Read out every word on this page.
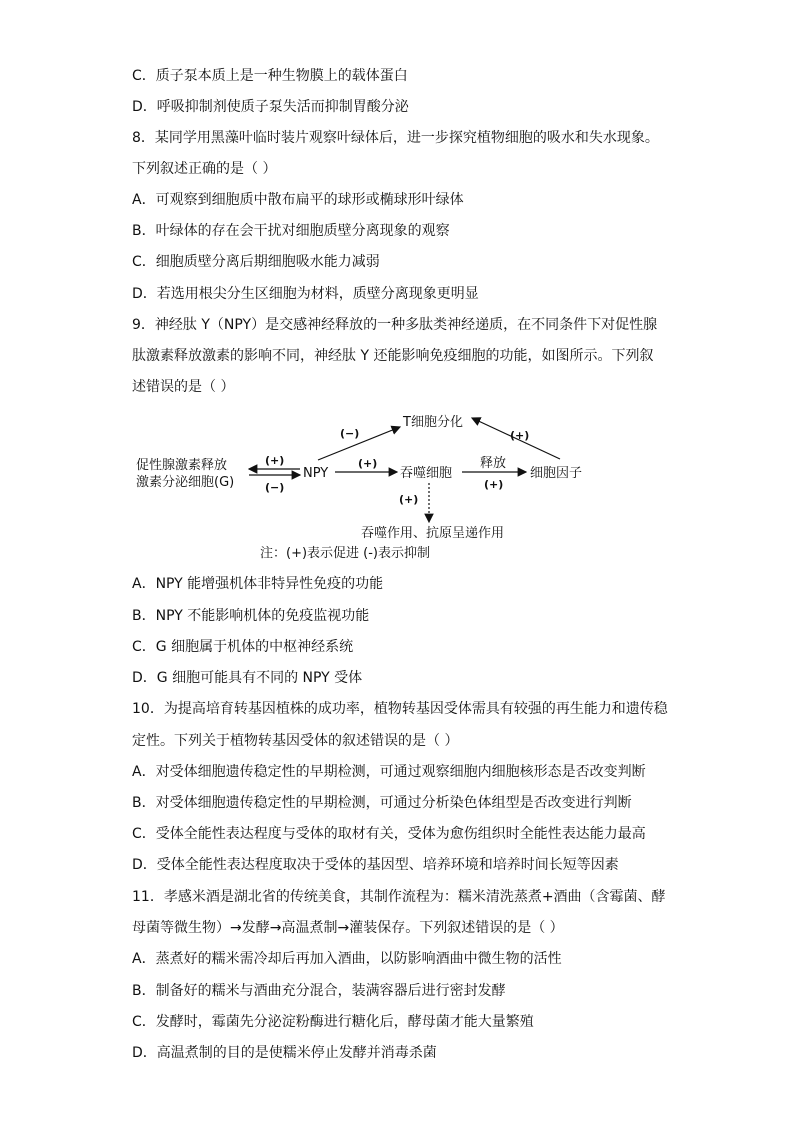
C．质子泵本质上是一种生物膜上的载体蛋白
D．呼吸抑制剂使质子泵失活而抑制胃酸分泌
8．某同学用黑藻叶临时装片观察叶绿体后，进一步探究植物细胞的吸水和失水现象。
下列叙述正确的是（ ）
A．可观察到细胞质中散布扁平的球形或椭球形叶绿体
B．叶绿体的存在会干扰对细胞质壁分离现象的观察
C．细胞质壁分离后期细胞吸水能力减弱
D．若选用根尖分生区细胞为材料，质壁分离现象更明显
9．神经肽 Y（NPY）是交感神经释放的一种多肽类神经递质，在不同条件下对促性腺
肽激素释放激素的影响不同，神经肽 Y 还能影响免疫细胞的功能，如图所示。下列叙
述错误的是（ ）
促性腺激素释放
激素分泌细胞(G)
(+)
(−)
NPY
(−)
T细胞分化
(+)
吞噬细胞
释放
(+)
细胞因子
(+)
(+)
吞噬作用、抗原呈递作用
注：(+)表示促进 (-)表示抑制
A．NPY 能增强机体非特异性免疫的功能
B．NPY 不能影响机体的免疫监视功能
C．G 细胞属于机体的中枢神经系统
D．G 细胞可能具有不同的 NPY 受体
10．为提高培育转基因植株的成功率，植物转基因受体需具有较强的再生能力和遗传稳
定性。下列关于植物转基因受体的叙述错误的是（ ）
A．对受体细胞遗传稳定性的早期检测，可通过观察细胞内细胞核形态是否改变判断
B．对受体细胞遗传稳定性的早期检测，可通过分析染色体组型是否改变进行判断
C．受体全能性表达程度与受体的取材有关，受体为愈伤组织时全能性表达能力最高
D．受体全能性表达程度取决于受体的基因型、培养环境和培养时间长短等因素
11．孝感米酒是湖北省的传统美食，其制作流程为：糯米清洗蒸煮+酒曲（含霉菌、酵
母菌等微生物）→发酵→高温煮制→灌装保存。下列叙述错误的是（ ）
A．蒸煮好的糯米需冷却后再加入酒曲，以防影响酒曲中微生物的活性
B．制备好的糯米与酒曲充分混合，装满容器后进行密封发酵
C．发酵时，霉菌先分泌淀粉酶进行糖化后，酵母菌才能大量繁殖
D．高温煮制的目的是使糯米停止发酵并消毒杀菌
